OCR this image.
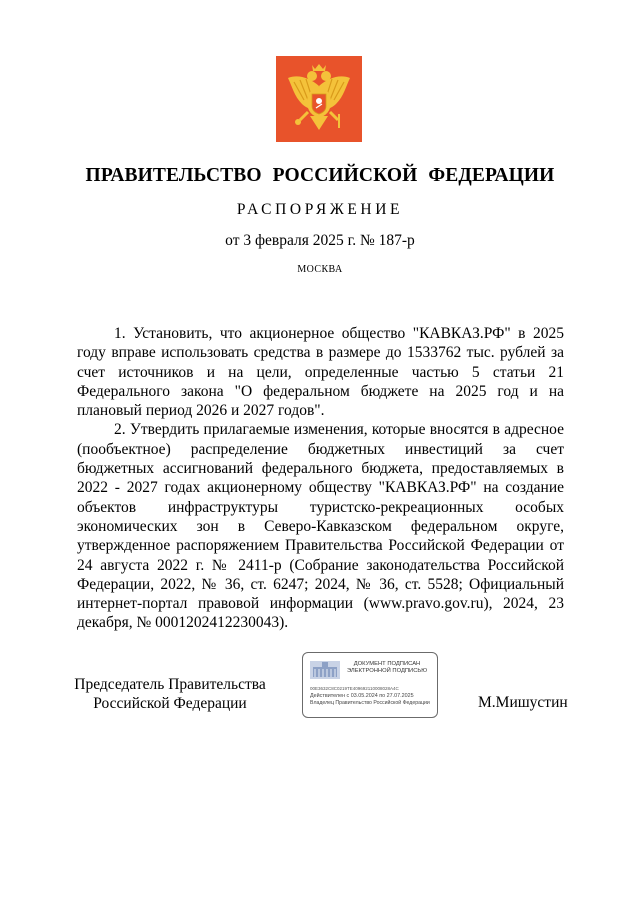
ПРАВИТЕЛЬСТВО РОССИЙСКОЙ ФЕДЕРАЦИИ
РАСПОРЯЖЕНИЕ
от 3 февраля 2025 г. № 187-р
МОСКВА

1. Установить, что акционерное общество "КАВКАЗ.РФ" в 2025 году вправе использовать средства в размере до 1533762 тыс. рублей за счет источников и на цели, определенные частью 5 статьи 21 Федерального закона "О федеральном бюджете на 2025 год и на плановый период 2026 и 2027 годов".

2. Утвердить прилагаемые изменения, которые вносятся в адресное (пообъектное) распределение бюджетных инвестиций за счет бюджетных ассигнований федерального бюджета, предоставляемых в 2022 - 2027 годах акционерному обществу "КАВКАЗ.РФ" на создание объектов инфраструктуры туристско-рекреационных особых экономических зон в Северо-Кавказском федеральном округе, утвержденное распоряжением Правительства Российской Федерации от 24 августа 2022 г. № 2411-р (Собрание законодательства Российской Федерации, 2022, № 36, ст. 6247; 2024, № 36, ст. 5528; Официальный интернет-портал правовой информации (www.pravo.gov.ru), 2024, 23 декабря, № 0001202412230043).

Председатель Правительства
Российской Федерации
ДОКУМЕНТ ПОДПИСАН
ЭЛЕКТРОННОЙ ПОДПИСЬЮ
00E3632C8C0219TE409692110008028A4C
Действителен с 03.05.2024 по 27.07.2025
Владелец Правительство Российской Федерации	М.Мишустин
